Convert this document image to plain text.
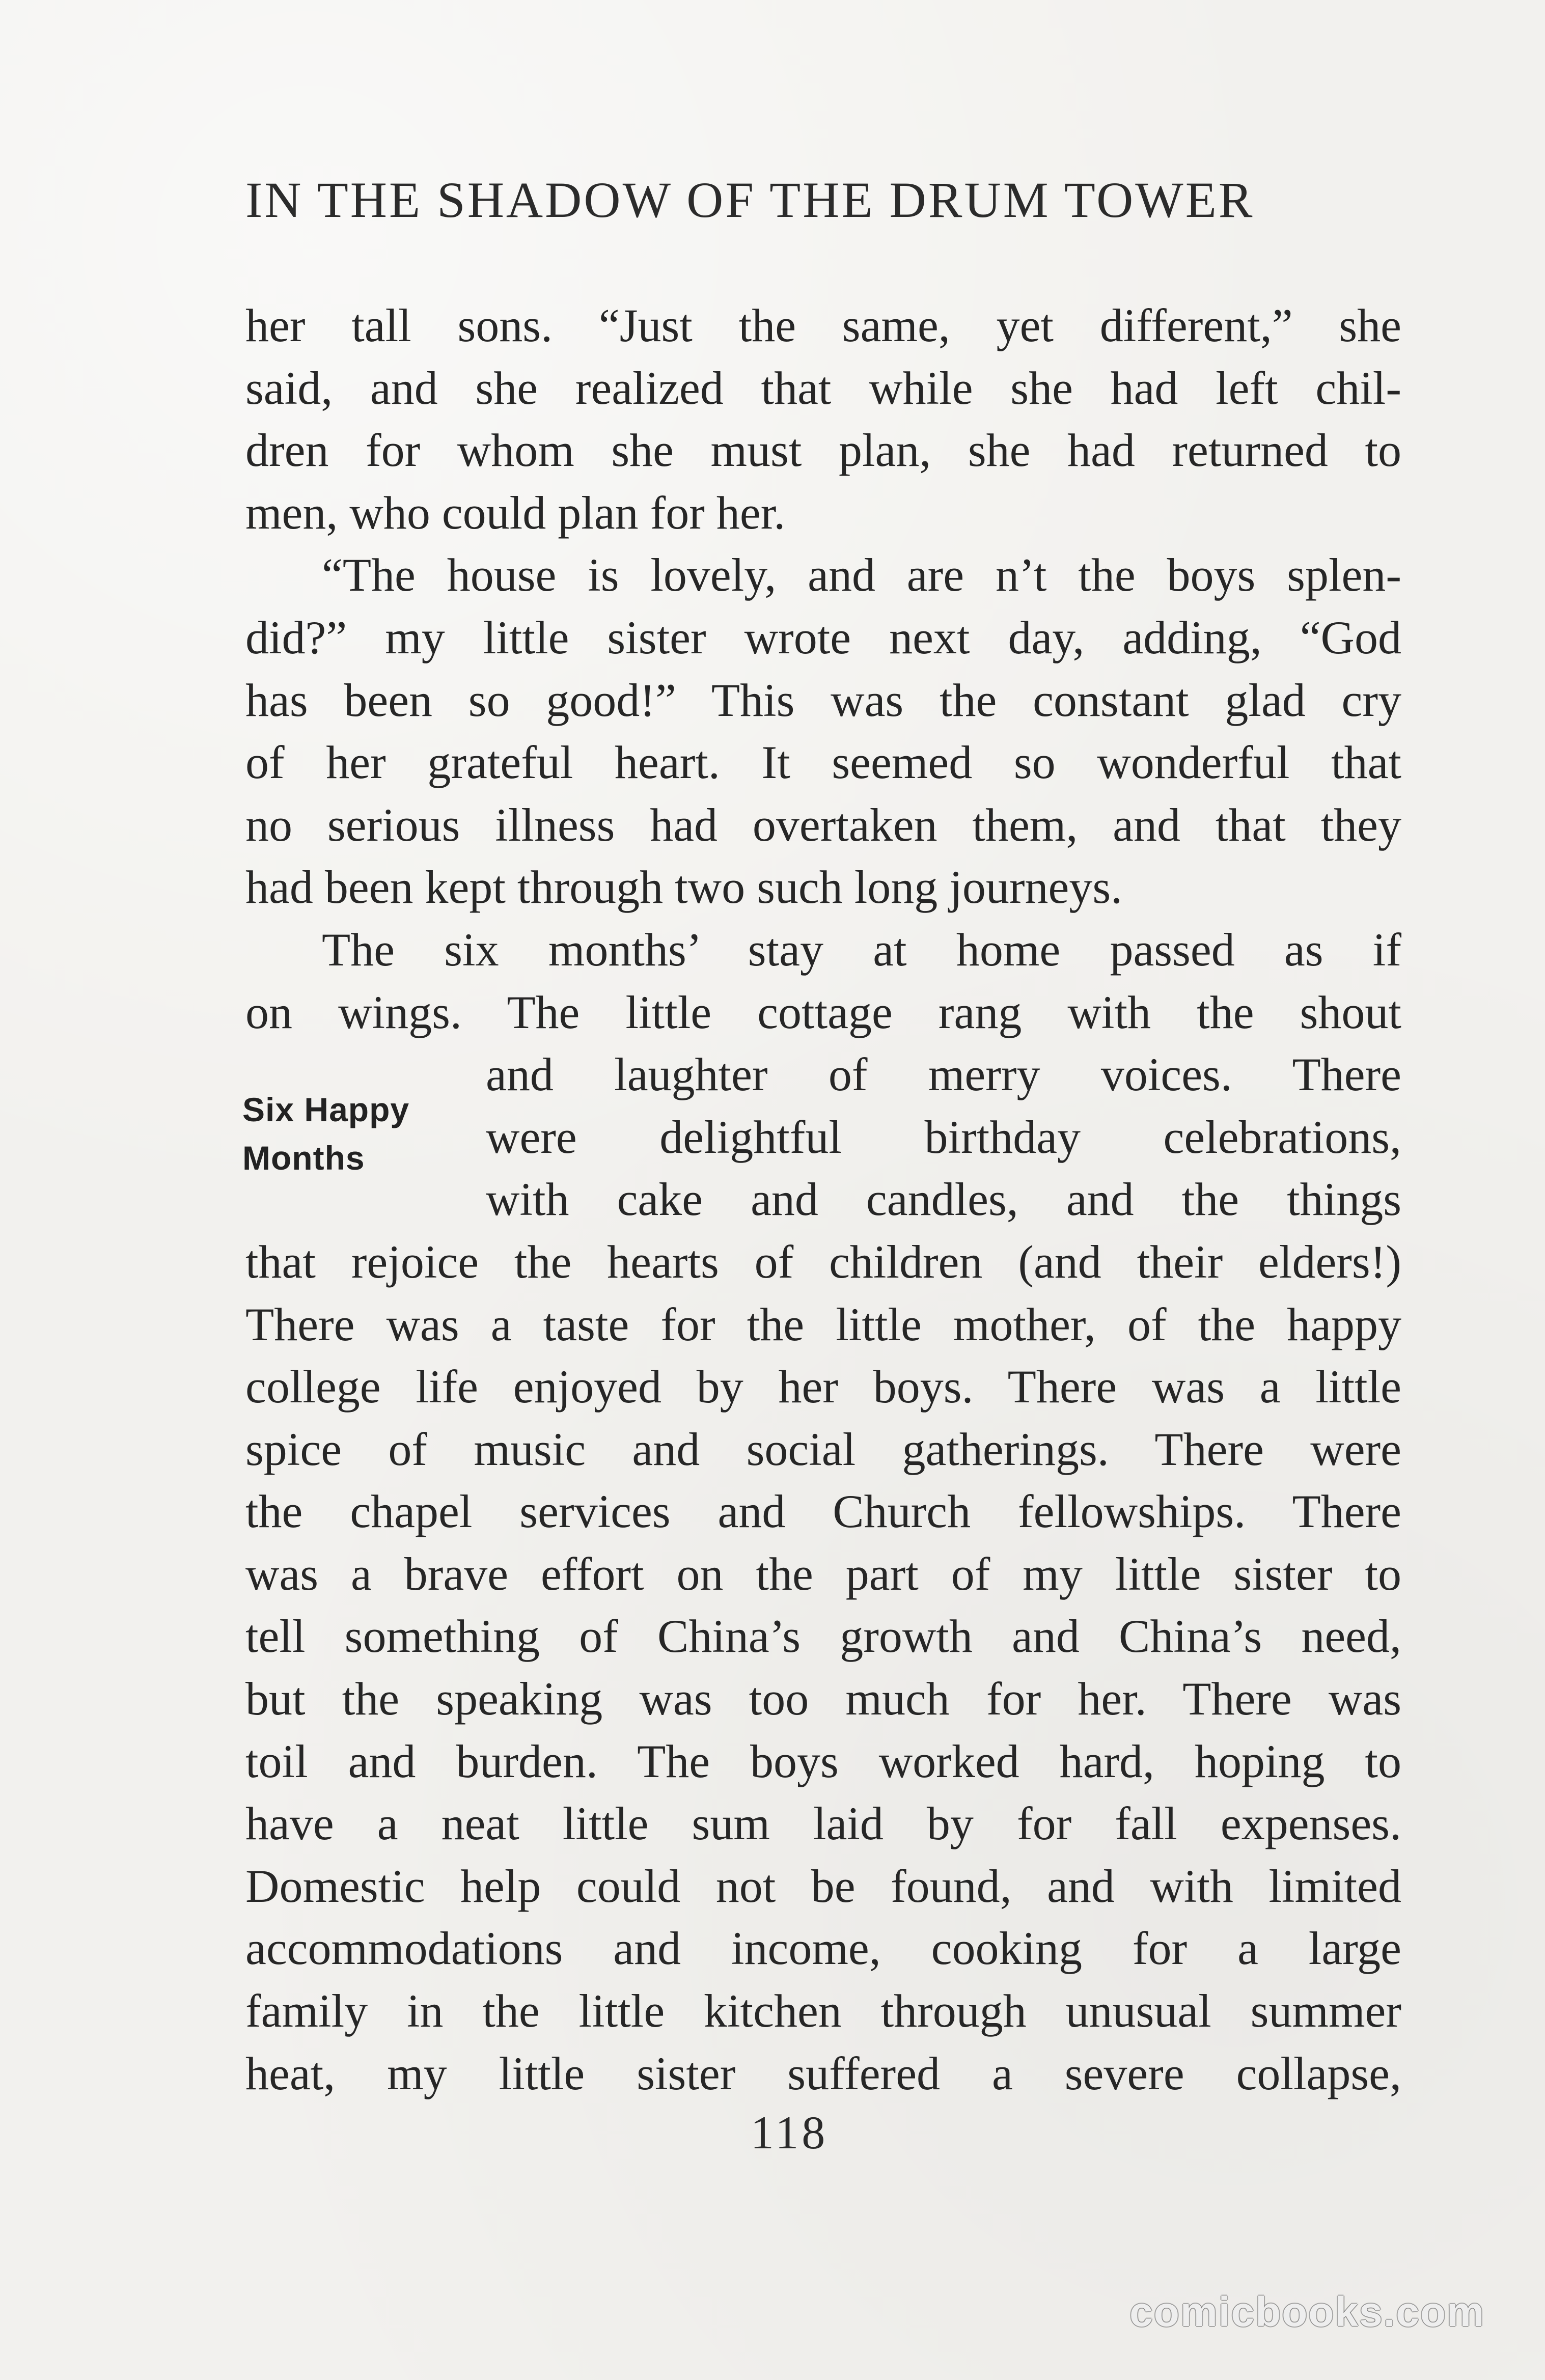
IN THE SHADOW OF THE DRUM TOWER
Six Happy
Months
her tall sons. “Just the same, yet different,” she
said, and she realized that while she had left chil-
dren for whom she must plan, she had returned to
men, who could plan for her.
“The house is lovely, and are n’t the boys splen-
did?” my little sister wrote next day, adding, “God
has been so good!” This was the constant glad cry
of her grateful heart. It seemed so wonderful that
no serious illness had overtaken them, and that they
had been kept through two such long journeys.
The six months’ stay at home passed as if
on wings. The little cottage rang with the shout
and laughter of merry voices. There
were delightful birthday celebrations,
with cake and candles, and the things
that rejoice the hearts of children (and their elders!)
There was a taste for the little mother, of the happy
college life enjoyed by her boys. There was a little
spice of music and social gatherings. There were
the chapel services and Church fellowships. There
was a brave effort on the part of my little sister to
tell something of China’s growth and China’s need,
but the speaking was too much for her. There was
toil and burden. The boys worked hard, hoping to
have a neat little sum laid by for fall expenses.
Domestic help could not be found, and with limited
accommodations and income, cooking for a large
family in the little kitchen through unusual summer
heat, my little sister suffered a severe collapse,
118
comicbooks.com
